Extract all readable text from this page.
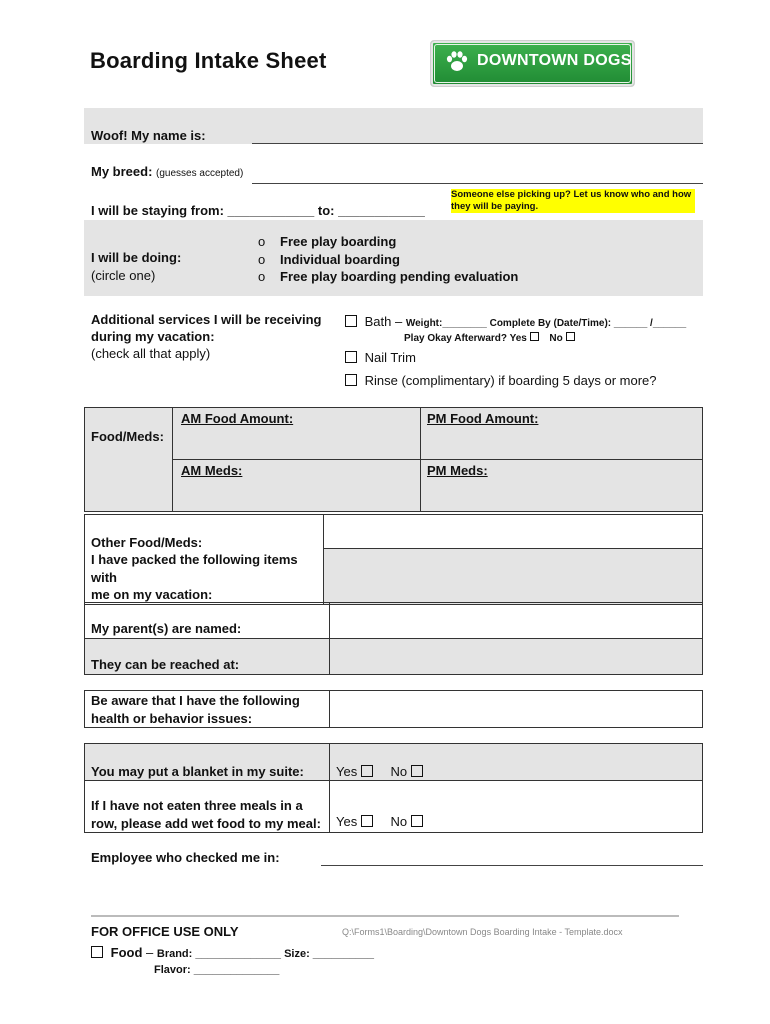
Boarding Intake Sheet	DOWNTOWN DOGS
Woof! My name is:
My breed: (guesses accepted)
I will be staying from: ____________ to: ____________
Someone else picking up? Let us know who and how they will be paying.
I will be doing:
(circle one)
o Free play boarding
o Individual boarding
o Free play boarding pending evaluation
Additional services I will be receiving
during my vacation:
(check all that apply)
Bath – Weight:________ Complete By (Date/Time): ______ /______
Play Okay Afterward? Yes No
Nail Trim
Rinse (complimentary) if boarding 5 days or more?
Food/Meds:	AM Food Amount:	PM Food Amount:
	AM Meds:	PM Meds:

Other Food/Meds:
I have packed the following items with
me on my vacation:	

My parent(s) are named:	
They can be reached at:	
Be aware that I have the following
health or behavior issues:

You may put a blanket in my suite:	Yes No

If I have not eaten three meals in a
row, please add wet food to my meal:	Yes No
Employee who checked me in:
FOR OFFICE USE ONLY	Q:\Forms1\Boarding\Downtown Dogs Boarding Intake - Template.docx
Food – Brand: ______________ Size: __________
Flavor: ______________
